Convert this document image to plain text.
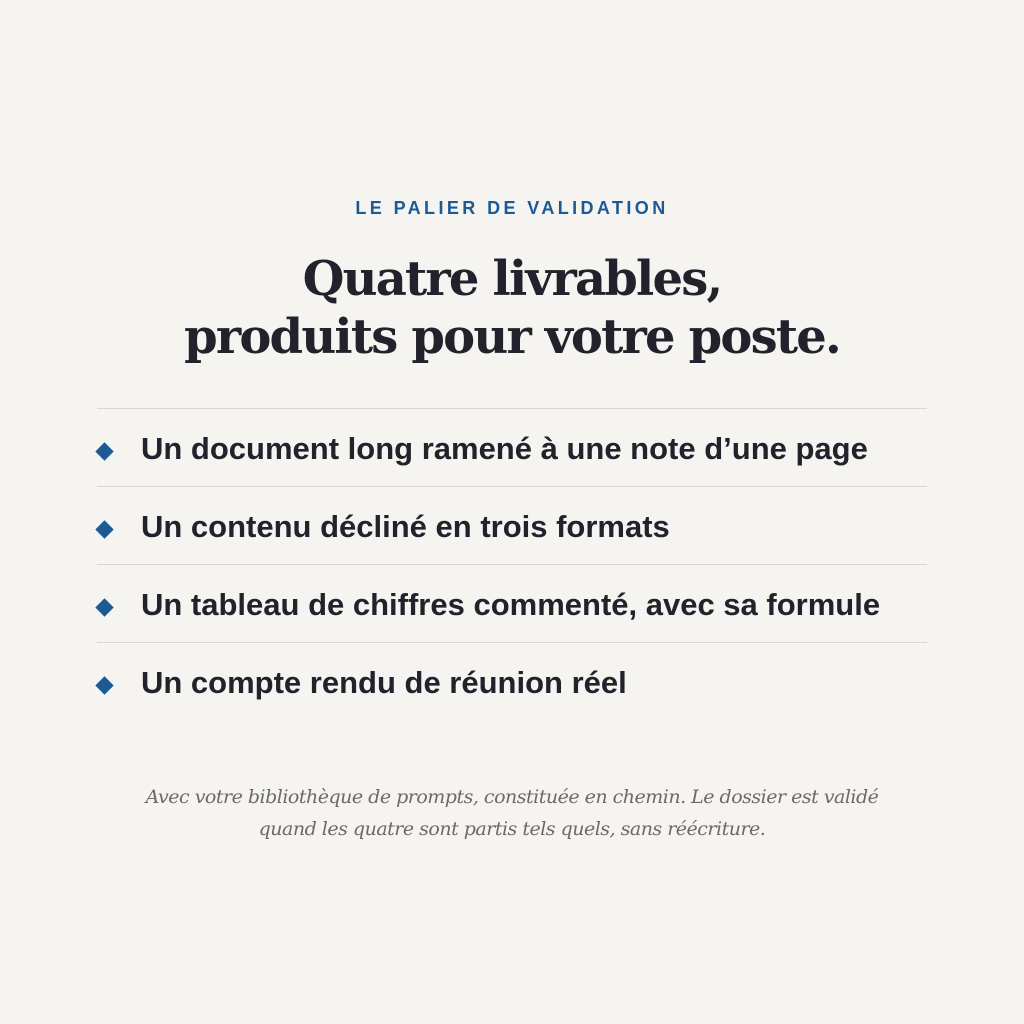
LE PALIER DE VALIDATION
Quatre livrables,
produits pour votre poste.
Un document long ramené à une note d’une page
Un contenu décliné en trois formats
Un tableau de chiffres commenté, avec sa formule
Un compte rendu de réunion réel

Avec votre bibliothèque de prompts, constituée en chemin. Le dossier est validé
quand les quatre sont partis tels quels, sans réécriture.
